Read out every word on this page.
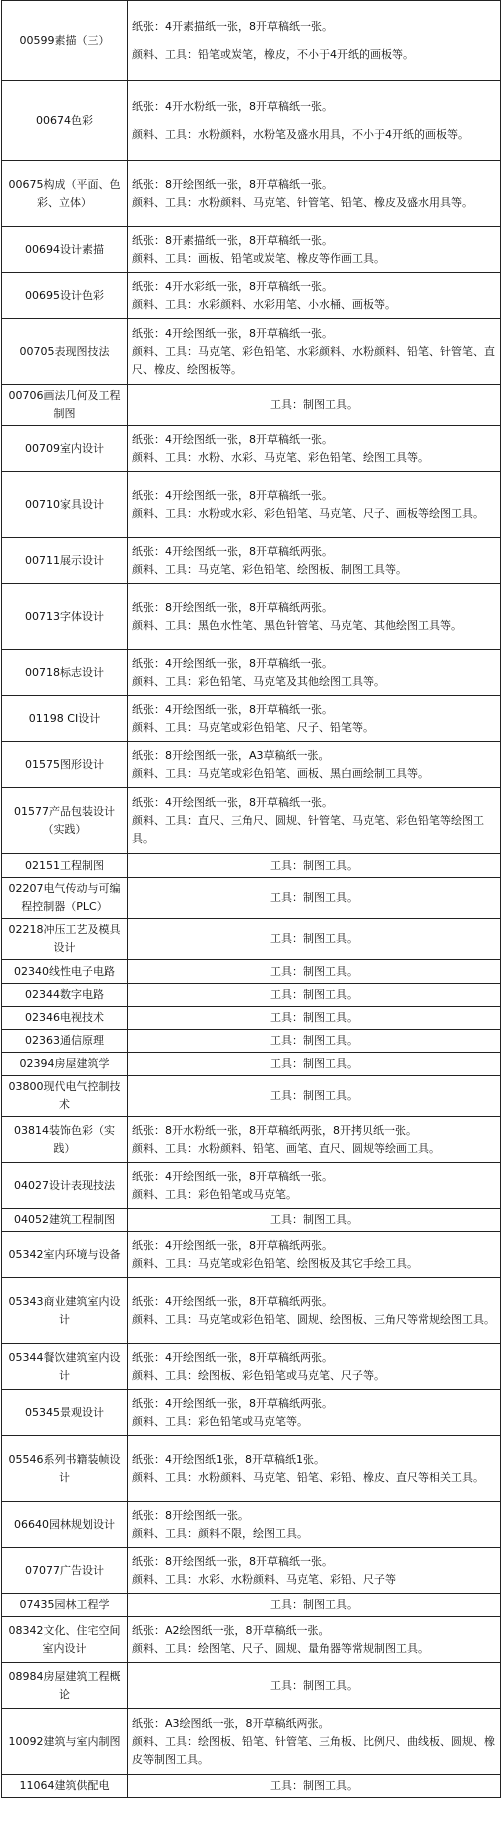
00599素描（三）	纸张：4开素描纸一张，8开草稿纸一张。
颜料、工具：铅笔或炭笔，橡皮，不小于4开纸的画板等。

00674色彩	纸张：4开水粉纸一张，8开草稿纸一张。
颜料、工具：水粉颜料，水粉笔及盛水用具，不小于4开纸的画板等。

00675构成（平面、色彩、立体）	纸张：8开绘图纸一张，8开草稿纸一张。
颜料、工具：水粉颜料、马克笔、针管笔、铅笔、橡皮及盛水用具等。

00694设计素描	纸张：8开素描纸一张，8开草稿纸一张。
颜料、工具：画板、铅笔或炭笔、橡皮等作画工具。

00695设计色彩	纸张：4开水彩纸一张，8开草稿纸一张。
颜料、工具：水彩颜料、水彩用笔、小水桶、画板等。

00705表现图技法	纸张：4开绘图纸一张，8开草稿纸一张。
颜料、工具：马克笔、彩色铅笔、水彩颜料、水粉颜料、铅笔、针管笔、直尺、橡皮、绘图板等。

00706画法几何及工程制图	工具：制图工具。

00709室内设计	纸张：4开绘图纸一张，8开草稿纸一张。
颜料、工具：水粉、水彩、马克笔、彩色铅笔、绘图工具等。

00710家具设计	纸张：4开绘图纸一张，8开草稿纸一张。
颜料、工具：水粉或水彩、彩色铅笔、马克笔、尺子、画板等绘图工具。

00711展示设计	纸张：4开绘图纸一张，8开草稿纸两张。
颜料、工具：马克笔、彩色铅笔、绘图板、制图工具等。

00713字体设计	纸张：8开绘图纸一张，8开草稿纸两张。
颜料、工具：黑色水性笔、黑色针管笔、马克笔、其他绘图工具等。

00718标志设计	纸张：4开绘图纸一张，8开草稿纸一张。
颜料、工具：彩色铅笔、马克笔及其他绘图工具等。

01198 CI设计	纸张：4开绘图纸一张，8开草稿纸一张。
颜料、工具：马克笔或彩色铅笔、尺子、铅笔等。

01575图形设计	纸张：8开绘图纸一张，A3草稿纸一张。
颜料、工具：马克笔或彩色铅笔、画板、黑白画绘制工具等。

01577产品包装设计（实践）	纸张：4开绘图纸一张，8开草稿纸一张。
颜料、工具：直尺、三角尺、圆规、针管笔、马克笔、彩色铅笔等绘图工具。

02151工程制图	工具：制图工具。

02207电气传动与可编程控制器（PLC）	工具：制图工具。

02218冲压工艺及模具设计	工具：制图工具。

02340线性电子电路	工具：制图工具。

02344数字电路	工具：制图工具。

02346电视技术	工具：制图工具。

02363通信原理	工具：制图工具。

02394房屋建筑学	工具：制图工具。

03800现代电气控制技术	工具：制图工具。

03814装饰色彩（实践）	纸张：8开水粉纸一张，8开草稿纸两张，8开拷贝纸一张。
颜料、工具：水粉颜料、铅笔、画笔、直尺、圆规等绘画工具。

04027设计表现技法	纸张：4开绘图纸一张，8开草稿纸一张。
颜料、工具：彩色铅笔或马克笔。

04052建筑工程制图	工具：制图工具。

05342室内环境与设备	纸张：4开绘图纸一张，8开草稿纸两张。
颜料、工具：马克笔或彩色铅笔、绘图板及其它手绘工具。

05343商业建筑室内设计	纸张：4开绘图纸一张，8开草稿纸两张。
颜料、工具：马克笔或彩色铅笔、圆规、绘图板、三角尺等常规绘图工具。

05344餐饮建筑室内设计	纸张：4开绘图纸一张，8开草稿纸两张。
颜料、工具：绘图板、彩色铅笔或马克笔、尺子等。

05345景观设计	纸张：4开绘图纸一张，8开草稿纸两张。
颜料、工具：彩色铅笔或马克笔等。

05546系列书籍装帧设计	纸张：4开绘图纸1张，8开草稿纸1张。
颜料、工具：水粉颜料、马克笔、铅笔、彩铅、橡皮、直尺等相关工具。

06640园林规划设计	纸张：8开绘图纸一张。
颜料、工具：颜料不限，绘图工具。

07077广告设计	纸张：8开绘图纸一张，8开草稿纸一张。
颜料、工具：水彩、水粉颜料、马克笔、彩铅、尺子等

07435园林工程学	工具：制图工具。

08342文化、住宅空间室内设计	纸张：A2绘图纸一张，8开草稿纸一张。
颜料、工具：绘图笔、尺子、圆规、量角器等常规制图工具。

08984房屋建筑工程概论	工具：制图工具。

10092建筑与室内制图	纸张：A3绘图纸一张，8开草稿纸两张。
颜料、工具：绘图板、铅笔、针管笔、三角板、比例尺、曲线板、圆规、橡皮等制图工具。

11064建筑供配电	工具：制图工具。
